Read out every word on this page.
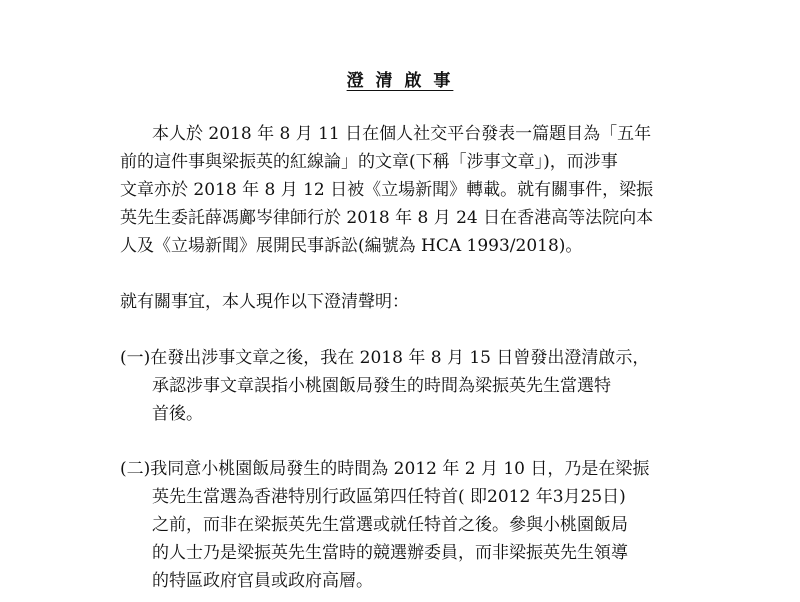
澄 清 啟 事
本人於 2018 年 8 月 11 日在個人社交平台發表一篇題目為「五年
前的這件事與梁振英的紅線論」的文章(下稱「涉事文章」)，而涉事
文章亦於 2018 年 8 月 12 日被《立場新聞》轉載。就有關事件，梁振
英先生委託薛馮鄺岑律師行於 2018 年 8 月 24 日在香港高等法院向本
人及《立場新聞》展開民事訴訟(編號為 HCA 1993/2018)。
就有關事宜，本人現作以下澄清聲明：
(一)在發出涉事文章之後，我在 2018 年 8 月 15 日曾發出澄清啟示，
承認涉事文章誤指小桃園飯局發生的時間為梁振英先生當選特
首後。
(二)我同意小桃園飯局發生的時間為 2012 年 2 月 10 日，乃是在梁振
英先生當選為香港特別行政區第四任特首( 即2012 年3月25日)
之前，而非在梁振英先生當選或就任特首之後。參與小桃園飯局
的人士乃是梁振英先生當時的競選辦委員，而非梁振英先生領導
的特區政府官員或政府高層。
